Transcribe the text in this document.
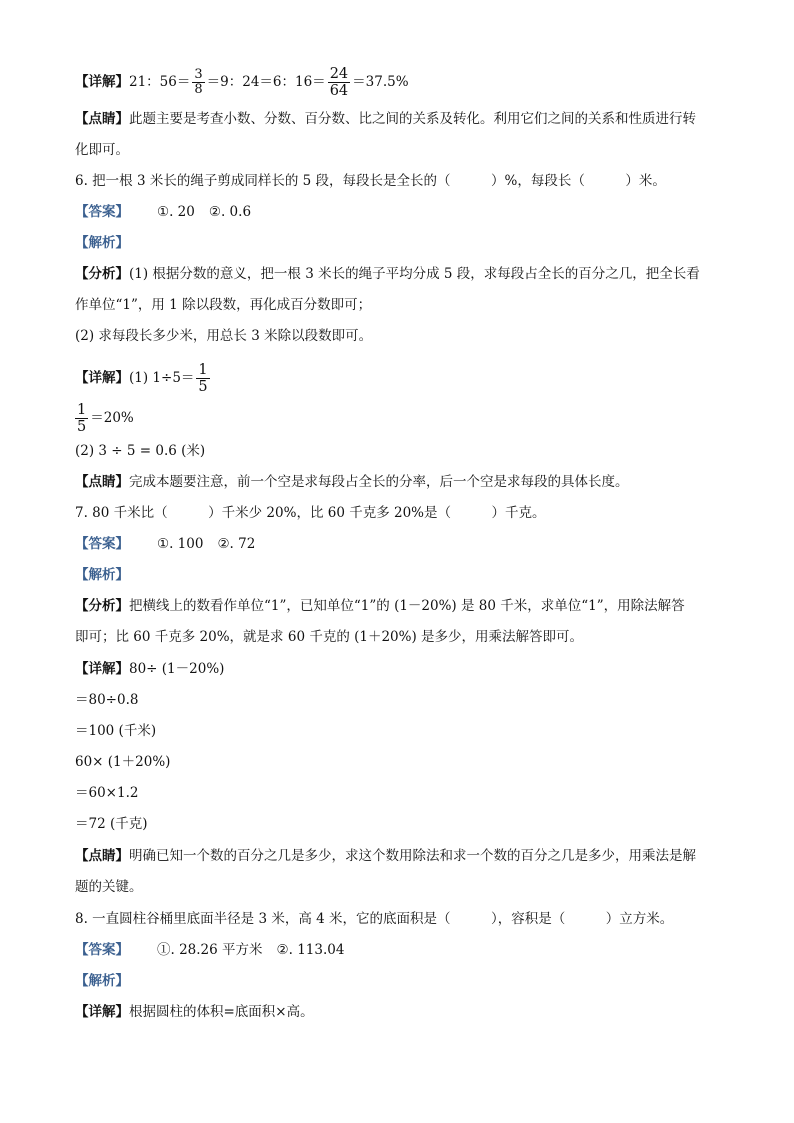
【详解】21：$56= \frac{3}{8} =9$：24＝6：$16= \frac{24}{64} =37.5\%$
【点睛】此题主要是考查小数、分数、百分数、比之间的关系及转化。利用它们之间的关系和性质进行转
化即可。
6. 把一根 3 米长的绳子剪成同样长的 5 段，每段长是全长的（　　　）%，每段长（　　　）米。
【答案】 ①. 20 ②. 0.6
【解析】
【分析】(1) 根据分数的意义，把一根 3 米长的绳子平均分成 5 段，求每段占全长的百分之几，把全长看
作单位“1”，用 1 除以段数，再化成百分数即可；
(2) 求每段长多少米，用总长 3 米除以段数即可。
【详解】(1) $1\div 5= \frac{1}{5}$
$\frac{1}{5} =20\%$
(2) 3 ÷ 5 = 0.6 (米)
【点睛】完成本题要注意，前一个空是求每段占全长的分率，后一个空是求每段的具体长度。
7. 80 千米比（　　　）千米少 20%，比 60 千克多 20%是（　　　）千克。
【答案】 ①. 100 ②. 72
【解析】
【分析】把横线上的数看作单位“1”，已知单位“1”的 (1－20%) 是 80 千米，求单位“1”，用除法解答
即可；比 60 千克多 20%，就是求 60 千克的 (1＋20%) 是多少，用乘法解答即可。
【详解】80÷ (1－20%)
＝80÷0.8
＝100 (千米)
60× (1＋20%)
＝60×1.2
＝72 (千克)
【点睛】明确已知一个数的百分之几是多少，求这个数用除法和求一个数的百分之几是多少，用乘法是解
题的关键。
8. 一直圆柱谷桶里底面半径是 3 米，高 4 米，它的底面积是（　　　），容积是（　　　）立方米。
【答案】 ①. 28.26 平方米 ②. 113.04
【解析】
【详解】根据圆柱的体积=底面积×高。
